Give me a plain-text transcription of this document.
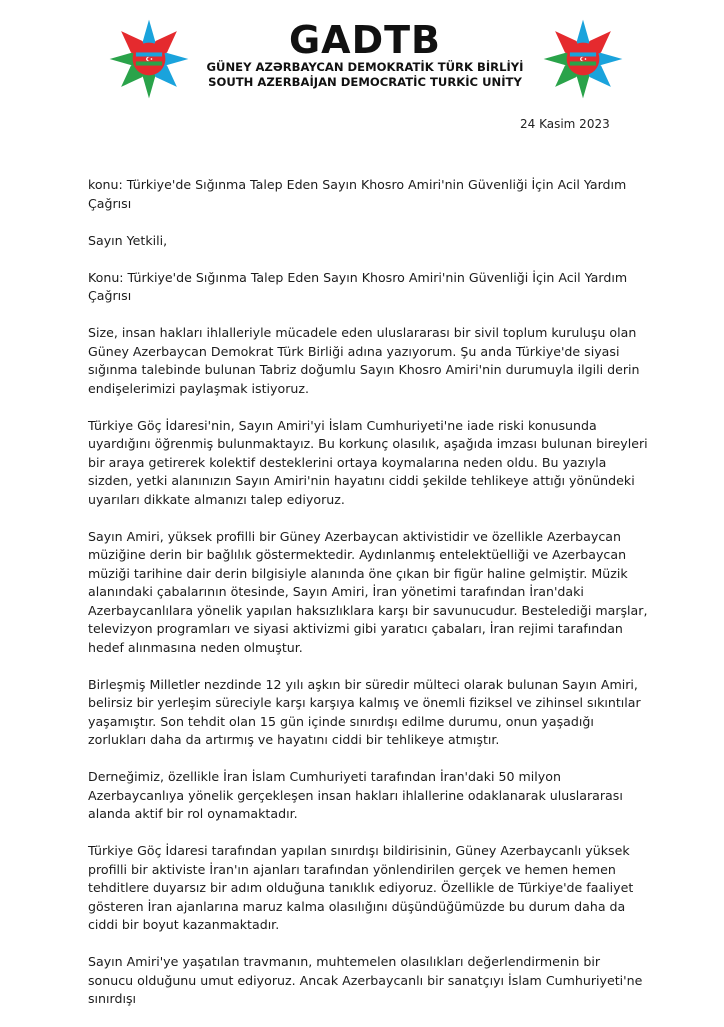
GADTB
GÜNEY AZƏRBAYCAN DEMOKRATİK TÜRK BİRLİYİ
SOUTH AZERBAİJAN DEMOCRATİC TURKİC UNİTY
24 Kasim 2023

konu: Türkiye'de Sığınma Talep Eden Sayın Khosro Amiri'nin Güvenliği İçin Acil Yardım Çağrısı

Sayın Yetkili,

Konu: Türkiye'de Sığınma Talep Eden Sayın Khosro Amiri'nin Güvenliği İçin Acil Yardım Çağrısı

Size, insan hakları ihlalleriyle mücadele eden uluslararası bir sivil toplum kuruluşu olan Güney Azerbaycan Demokrat Türk Birliği adına yazıyorum. Şu anda Türkiye'de siyasi sığınma talebinde bulunan Tabriz doğumlu Sayın Khosro Amiri'nin durumuyla ilgili derin endişelerimizi paylaşmak istiyoruz.

Türkiye Göç İdaresi'nin, Sayın Amiri'yi İslam Cumhuriyeti'ne iade riski konusunda uyardığını öğrenmiş bulunmaktayız. Bu korkunç olasılık, aşağıda imzası bulunan bireyleri bir araya getirerek kolektif desteklerini ortaya koymalarına neden oldu. Bu yazıyla sizden, yetki alanınızın Sayın Amiri'nin hayatını ciddi şekilde tehlikeye attığı yönündeki uyarıları dikkate almanızı talep ediyoruz.

Sayın Amiri, yüksek profilli bir Güney Azerbaycan aktivistidir ve özellikle Azerbaycan müziğine derin bir bağlılık göstermektedir. Aydınlanmış entelektüelliği ve Azerbaycan müziği tarihine dair derin bilgisiyle alanında öne çıkan bir figür haline gelmiştir. Müzik alanındaki çabalarının ötesinde, Sayın Amiri, İran yönetimi tarafından İran'daki Azerbaycanlılara yönelik yapılan haksızlıklara karşı bir savunucudur. Bestelediği marşlar, televizyon programları ve siyasi aktivizmi gibi yaratıcı çabaları, İran rejimi tarafından hedef alınmasına neden olmuştur.

Birleşmiş Milletler nezdinde 12 yılı aşkın bir süredir mülteci olarak bulunan Sayın Amiri, belirsiz bir yerleşim süreciyle karşı karşıya kalmış ve önemli fiziksel ve zihinsel sıkıntılar yaşamıştır. Son tehdit olan 15 gün içinde sınırdışı edilme durumu, onun yaşadığı zorlukları daha da artırmış ve hayatını ciddi bir tehlikeye atmıştır.

Derneğimiz, özellikle İran İslam Cumhuriyeti tarafından İran'daki 50 milyon Azerbaycanlıya yönelik gerçekleşen insan hakları ihlallerine odaklanarak uluslararası alanda aktif bir rol oynamaktadır.

Türkiye Göç İdaresi tarafından yapılan sınırdışı bildirisinin, Güney Azerbaycanlı yüksek profilli bir aktiviste İran'ın ajanları tarafından yönlendirilen gerçek ve hemen hemen tehditlere duyarsız bir adım olduğuna tanıklık ediyoruz. Özellikle de Türkiye'de faaliyet gösteren İran ajanlarına maruz kalma olasılığını düşündüğümüzde bu durum daha da ciddi bir boyut kazanmaktadır.

Sayın Amiri'ye yaşatılan travmanın, muhtemelen olasılıkları değerlendirmenin bir sonucu olduğunu umut ediyoruz. Ancak Azerbaycanlı bir sanatçıyı İslam Cumhuriyeti'ne sınırdışı
